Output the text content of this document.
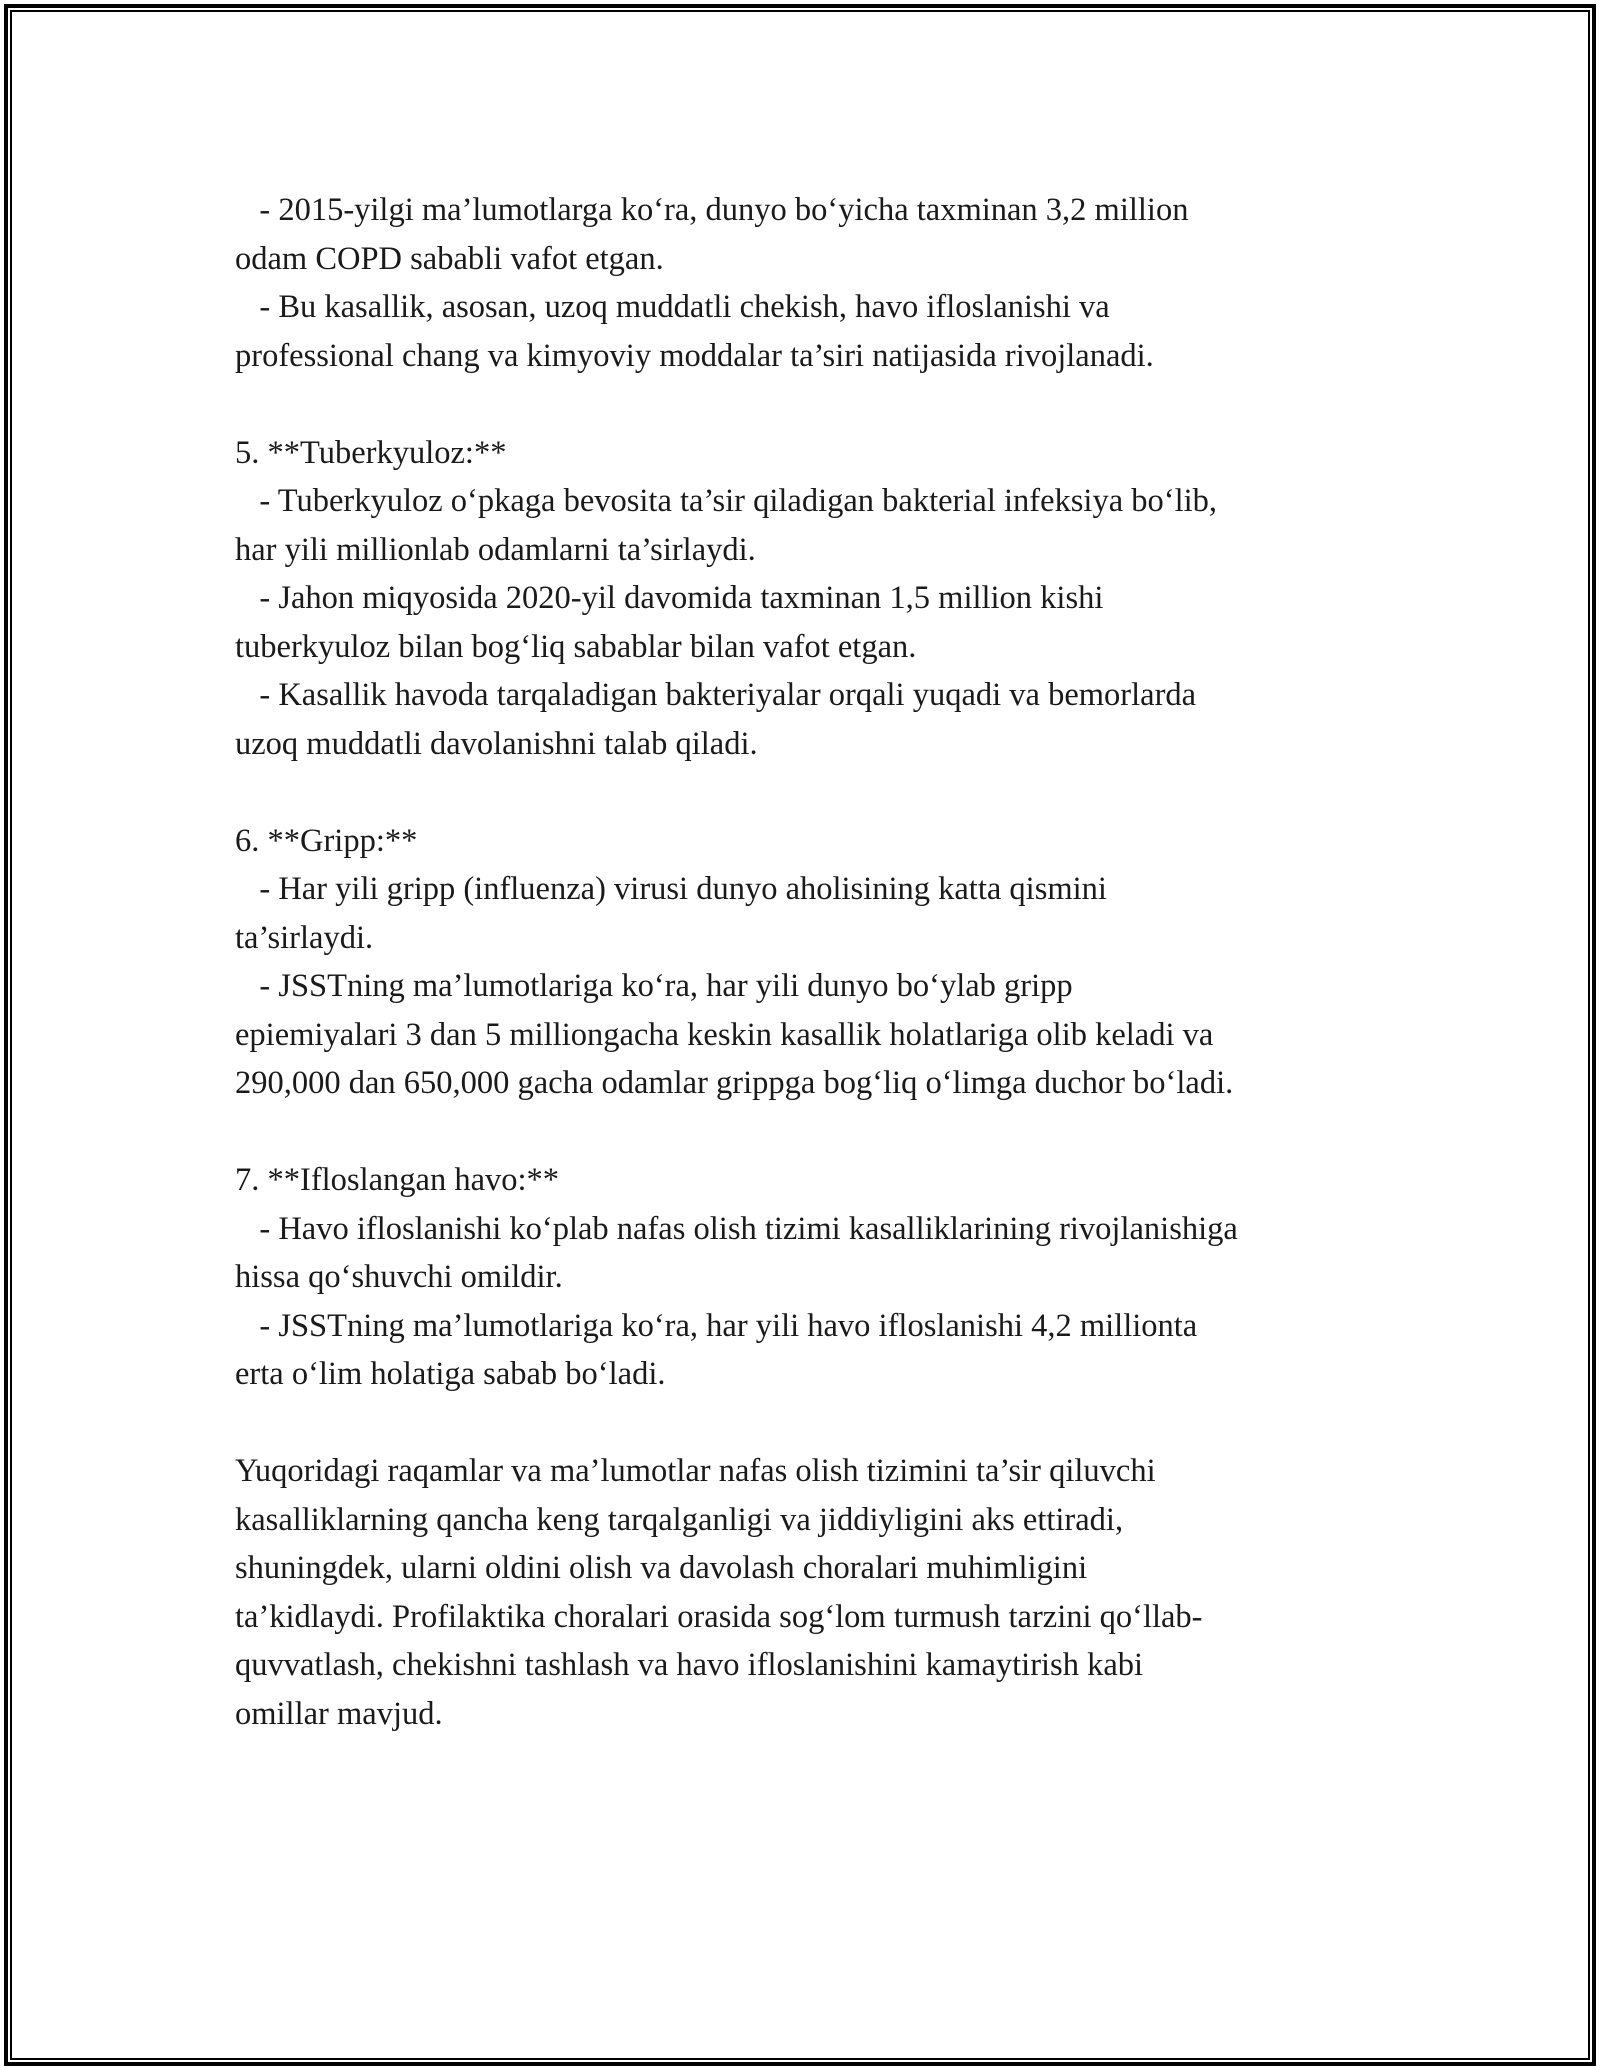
- 2015-yilgi ma’lumotlarga ko‘ra, dunyo bo‘yicha taxminan 3,2 million

odam COPD sababli vafot etgan.

- Bu kasallik, asosan, uzoq muddatli chekish, havo ifloslanishi va

professional chang va kimyoviy moddalar ta’siri natijasida rivojlanadi.

5. **Tuberkyuloz:**

- Tuberkyuloz o‘pkaga bevosita ta’sir qiladigan bakterial infeksiya bo‘lib,

har yili millionlab odamlarni ta’sirlaydi.

- Jahon miqyosida 2020-yil davomida taxminan 1,5 million kishi

tuberkyuloz bilan bog‘liq sabablar bilan vafot etgan.

- Kasallik havoda tarqaladigan bakteriyalar orqali yuqadi va bemorlarda

uzoq muddatli davolanishni talab qiladi.

6. **Gripp:**

- Har yili gripp (influenza) virusi dunyo aholisining katta qismini

ta’sirlaydi.

- JSSTning ma’lumotlariga ko‘ra, har yili dunyo bo‘ylab gripp

epiemiyalari 3 dan 5 milliongacha keskin kasallik holatlariga olib keladi va

290,000 dan 650,000 gacha odamlar grippga bog‘liq o‘limga duchor bo‘ladi.

7. **Ifloslangan havo:**

- Havo ifloslanishi ko‘plab nafas olish tizimi kasalliklarining rivojlanishiga

hissa qo‘shuvchi omildir.

- JSSTning ma’lumotlariga ko‘ra, har yili havo ifloslanishi 4,2 millionta

erta o‘lim holatiga sabab bo‘ladi.

Yuqoridagi raqamlar va ma’lumotlar nafas olish tizimini ta’sir qiluvchi

kasalliklarning qancha keng tarqalganligi va jiddiyligini aks ettiradi,

shuningdek, ularni oldini olish va davolash choralari muhimligini

ta’kidlaydi. Profilaktika choralari orasida sog‘lom turmush tarzini qo‘llab-

quvvatlash, chekishni tashlash va havo ifloslanishini kamaytirish kabi

omillar mavjud.
